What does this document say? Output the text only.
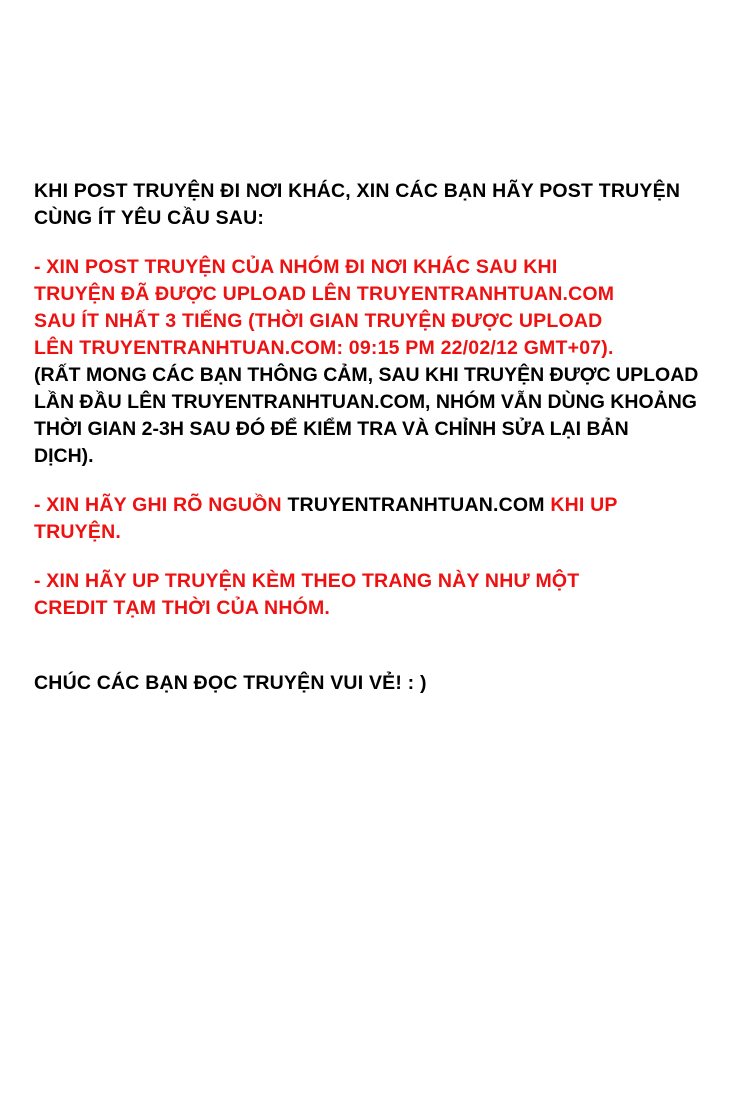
KHI POST TRUYỆN ĐI NƠI KHÁC, XIN CÁC BẠN HÃY POST TRUYỆN
CÙNG ÍT YÊU CẦU SAU:
- XIN POST TRUYỆN CỦA NHÓM ĐI NƠI KHÁC SAU KHI
TRUYỆN ĐÃ ĐƯỢC UPLOAD LÊN TRUYENTRANHTUAN.COM
SAU ÍT NHẤT 3 TIẾNG (THỜI GIAN TRUYỆN ĐƯỢC UPLOAD
LÊN TRUYENTRANHTUAN.COM: 09:15 PM 22/02/12 GMT+07).
(RẤT MONG CÁC BẠN THÔNG CẢM, SAU KHI TRUYỆN ĐƯỢC UPLOAD
LẦN ĐẦU LÊN TRUYENTRANHTUAN.COM, NHÓM VẪN DÙNG KHOẢNG
THỜI GIAN 2-3H SAU ĐÓ ĐỂ KIỂM TRA VÀ CHỈNH SỬA LẠI BẢN
DỊCH).
- XIN HÃY GHI RÕ NGUỒN TRUYENTRANHTUAN.COM KHI UP
TRUYỆN.
- XIN HÃY UP TRUYỆN KÈM THEO TRANG NÀY NHƯ MỘT
CREDIT TẠM THỜI CỦA NHÓM.
CHÚC CÁC BẠN ĐỌC TRUYỆN VUI VẺ! : )
